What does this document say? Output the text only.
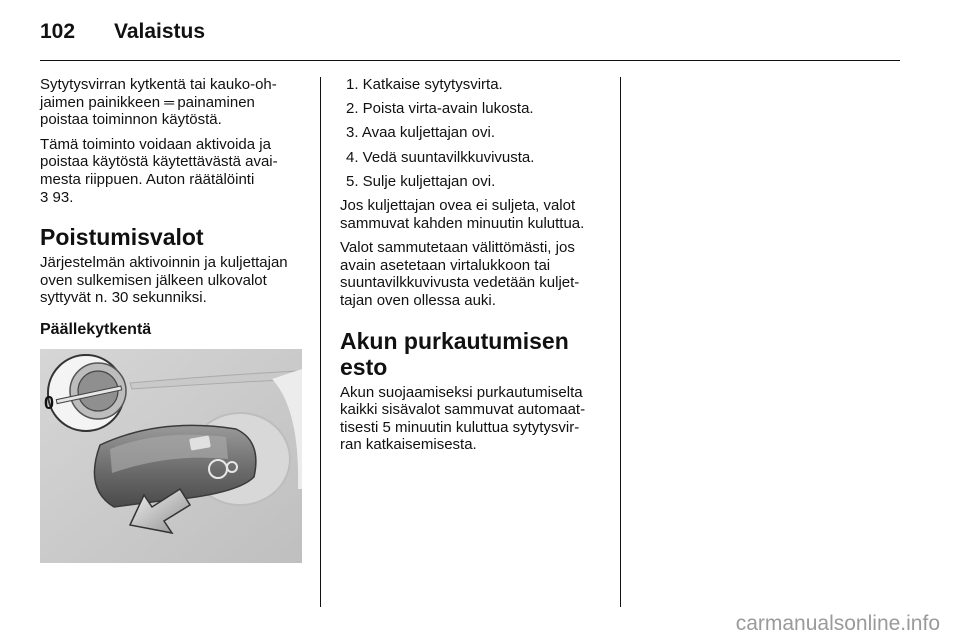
102 Valaistus

Sytytysvirran kytkentä tai kauko-oh-
jaimen painikkeen ═ painaminen
poistaa toiminnon käytöstä.

Tämä toiminto voidaan aktivoida ja
poistaa käytöstä käytettävästä avai-
mesta riippuen. Auton räätälöinti
3 93.

Poistumisvalot

Järjestelmän aktivoinnin ja kuljettajan
oven sulkemisen jälkeen ulkovalot
syttyvät n. 30 sekunniksi.

Päällekytkentä
0
1. Katkaise sytytysvirta.
2. Poista virta-avain lukosta.
3. Avaa kuljettajan ovi.
4. Vedä suuntavilkkuvivusta.
5. Sulje kuljettajan ovi.

Jos kuljettajan ovea ei suljeta, valot
sammuvat kahden minuutin kuluttua.

Valot sammutetaan välittömästi, jos
avain asetetaan virtalukkoon tai
suuntavilkkuvivusta vedetään kuljet-
tajan oven ollessa auki.

Akun purkautumisen esto

Akun suojaamiseksi purkautumiselta
kaikki sisävalot sammuvat automaat-
tisesti 5 minuutin kuluttua sytytysvir-
ran katkaisemisesta.

carmanualsonline.info
